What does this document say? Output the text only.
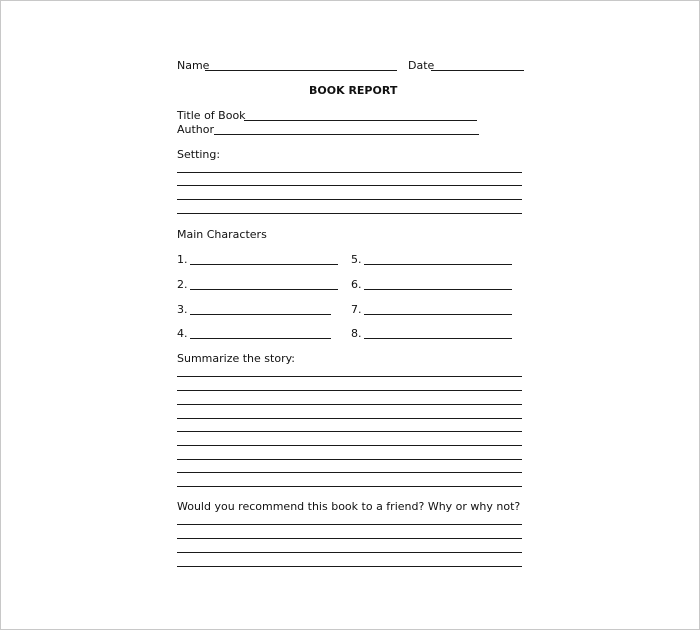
Name	Date
BOOK REPORT
Title of Book
Author
Setting:
Main Characters
1.	5.
2.	6.
3.	7.
4.	8.
Summarize the story:
Would you recommend this book to a friend? Why or why not?
